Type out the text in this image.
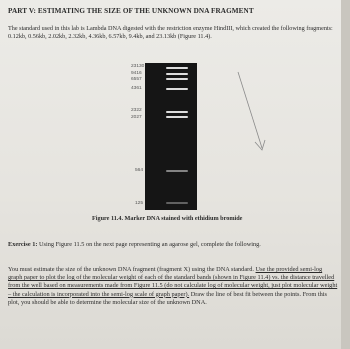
PART V: ESTIMATING THE SIZE OF THE UNKNOWN DNA FRAGMENT
The standard used in this lab is Lambda DNA digested with the restriction enzyme HindIII, which created the following fragments: 0.12kb, 0.56kb, 2.02kb, 2.32kb, 4.36kb, 6.57kb, 9.4kb, and 23.13kb (Figure 11.4).
23130
9416
6557
4361
2322
2027
564
125
Figure 11.4. Marker DNA stained with ethidium bromide
Exercise 1: Using Figure 11.5 on the next page representing an agarose gel, complete the following.
You must estimate the size of the unknown DNA fragment (fragment X) using the DNA standard. Use the provided semi-log graph paper to plot the log of the molecular weight of each of the standard bands (shown in Figure 11.4) vs. the distance travelled from the well based on measurements made from Figure 11.5 (do not calculate log of molecular weight, just plot molecular weight – the calculation is incorporated into the semi-log scale of graph paper). Draw the line of best fit between the points. From this plot, you should be able to determine the molecular size of the unknown DNA.
